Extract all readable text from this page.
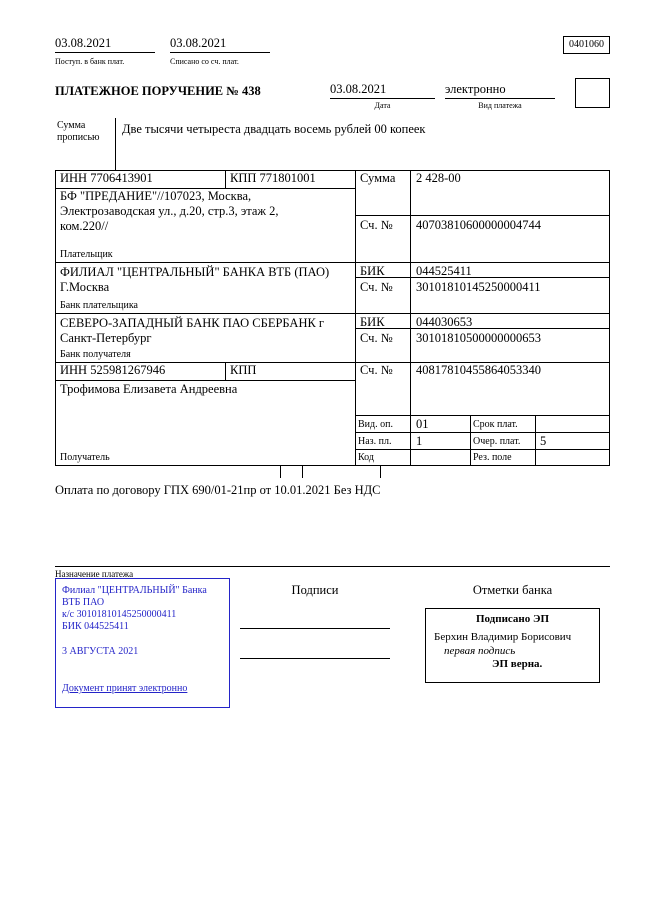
03.08.2021
Поступ. в банк плат.
03.08.2021
Списано со сч. плат.
0401060
ПЛАТЕЖНОЕ ПОРУЧЕНИЕ № 438	03.08.2021
Дата
электронно
Вид платежа
Сумма прописью
Две тысячи четыреста двадцать восемь рублей 00 копеек
ИНН 7706413901	КПП 771801001
БФ "ПРЕДАНИЕ"//107023, Москва, Электрозаводская ул., д.20, стр.3, этаж 2, ком.220//
Плательщик
Сумма 2 428-00
Сч. № 40703810600000004744
ФИЛИАЛ "ЦЕНТРАЛЬНЫЙ" БАНКА ВТБ (ПАО) Г.Москва
Банк плательщика
БИК	044525411
Сч. № 30101810145250000411
СЕВЕРО-ЗАПАДНЫЙ БАНК ПАО СБЕРБАНК г Санкт-Петербург
Банк получателя
БИК	044030653
Сч. № 30101810500000000653
ИНН 525981267946	КПП	Сч. № 40817810455864053340
Трофимова Елизавета Андреевна
Получатель
Вид. оп. 01	Срок плат.
Наз. пл. 1	Очер. плат. 5
Код	Рез. поле
Оплата по договору ГПХ 690/01-21пр от 10.01.2021 Без НДС
Назначение платежа
Филиал "ЦЕНТРАЛЬНЫЙ" Банка ВТБ ПАО
к/с 30101810145250000411
БИК 044525411
3 АВГУСТА 2021
Документ принят электронно
Подписи	Отметки банка
Подписано ЭП
Берхин Владимир Борисович
первая подпись
ЭП верна.
